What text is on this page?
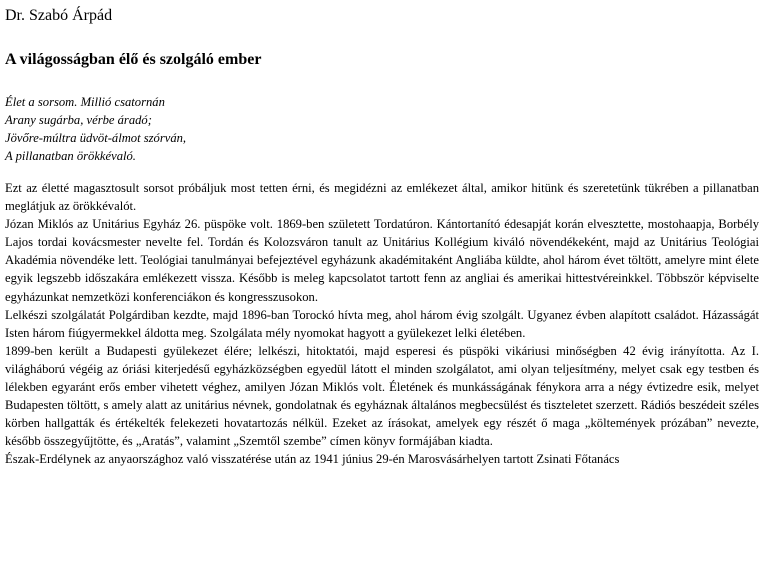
Dr. Szabó Árpád
A világosságban élő és szolgáló ember
Élet a sorsom. Millió csatornán
Arany sugárba, vérbe áradó;
Jövőre-múltra üdvöt-álmot szórván,
A pillanatban örökkévaló.

Ezt az életté magasztosult sorsot próbáljuk most tetten érni, és megidézni az emlékezet által, amikor hitünk és szeretetünk tükrében a pillanatban meglátjuk az örökkévalót.

Józan Miklós az Unitárius Egyház 26. püspöke volt. 1869-ben született Tordatúron. Kántortanító édesapját korán elvesztette, mostohaapja, Borbély Lajos tordai kovácsmester nevelte fel. Tordán és Kolozsváron tanult az Unitárius Kollégium kiváló növendékeként, majd az Unitárius Teológiai Akadémia növendéke lett. Teológiai tanulmányai befejeztével egyházunk akadémitaként Angliába küldte, ahol három évet töltött, amelyre mint élete egyik legszebb időszakára emlékezett vissza. Később is meleg kapcsolatot tartott fenn az angliai és amerikai hittestvéreinkkel. Többször képviselte egyházunkat nemzetközi konferenciákon és kongresszusokon.

Lelkészi szolgálatát Polgárdiban kezdte, majd 1896-ban Torockó hívta meg, ahol három évig szolgált. Ugyanez évben alapított családot. Házasságát Isten három fiúgyermekkel áldotta meg. Szolgálata mély nyomokat hagyott a gyülekezet lelki életében.

1899-ben került a Budapesti gyülekezet élére; lelkészi, hitoktatói, majd esperesi és püspöki vikáriusi minőségben 42 évig irányította. Az I. világháború végéig az óriási kiterjedésű egyházközségben egyedül látott el minden szolgálatot, ami olyan teljesítmény, melyet csak egy testben és lélekben egyaránt erős ember vihetett véghez, amilyen Józan Miklós volt. Életének és munkásságának fénykora arra a négy évtizedre esik, melyet Budapesten töltött, s amely alatt az unitárius névnek, gondolatnak és egyháznak általános megbecsülést és tiszteletet szerzett. Rádiós beszédeit széles körben hallgatták és értékelték felekezeti hovatartozás nélkül. Ezeket az írásokat, amelyek egy részét ő maga „költemények prózában” nevezte, később összegyűjtötte, és „Aratás”, valamint „Szemtől szembe” címen könyv formájában kiadta.

Észak-Erdélynek az anyaországhoz való visszatérése után az 1941 június 29-én Marosvásárhelyen tartott Zsinati Főtanács
